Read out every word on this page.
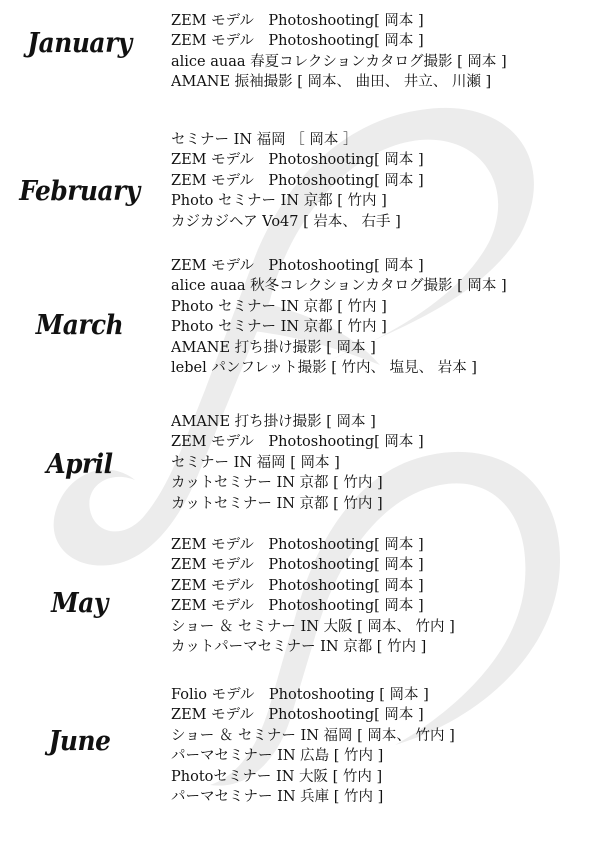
January
ZEM モデル　Photoshooting[ 岡本 ]
ZEM モデル　Photoshooting[ 岡本 ]
alice auaa 春夏コレクションカタログ撮影 [ 岡本 ]
AMANE 振袖撮影 [ 岡本、 曲田、 井立、 川瀬 ]
February
セミナー IN 福岡 ［ 岡本 ］
ZEM モデル　Photoshooting[ 岡本 ]
ZEM モデル　Photoshooting[ 岡本 ]
Photo セミナー IN 京都 [ 竹内 ]
カジカジヘア Vo47 [ 岩本、 右手 ]
March
ZEM モデル　Photoshooting[ 岡本 ]
alice auaa 秋冬コレクションカタログ撮影 [ 岡本 ]
Photo セミナー IN 京都 [ 竹内 ]
Photo セミナー IN 京都 [ 竹内 ]
AMANE 打ち掛け撮影 [ 岡本 ]
lebel パンフレット撮影 [ 竹内、 塩見、 岩本 ]
April
AMANE 打ち掛け撮影 [ 岡本 ]
ZEM モデル　Photoshooting[ 岡本 ]
セミナー IN 福岡 [ 岡本 ]
カットセミナー IN 京都 [ 竹内 ]
カットセミナー IN 京都 [ 竹内 ]
May
ZEM モデル　Photoshooting[ 岡本 ]
ZEM モデル　Photoshooting[ 岡本 ]
ZEM モデル　Photoshooting[ 岡本 ]
ZEM モデル　Photoshooting[ 岡本 ]
ショー ＆ セミナー IN 大阪 [ 岡本、 竹内 ]
カットパーマセミナー IN 京都 [ 竹内 ]
June
Folio モデル　Photoshooting [ 岡本 ]
ZEM モデル　Photoshooting[ 岡本 ]
ショー ＆ セミナー IN 福岡 [ 岡本、 竹内 ]
パーマセミナー IN 広島 [ 竹内 ]
Photoセミナー IN 大阪 [ 竹内 ]
パーマセミナー IN 兵庫 [ 竹内 ]
